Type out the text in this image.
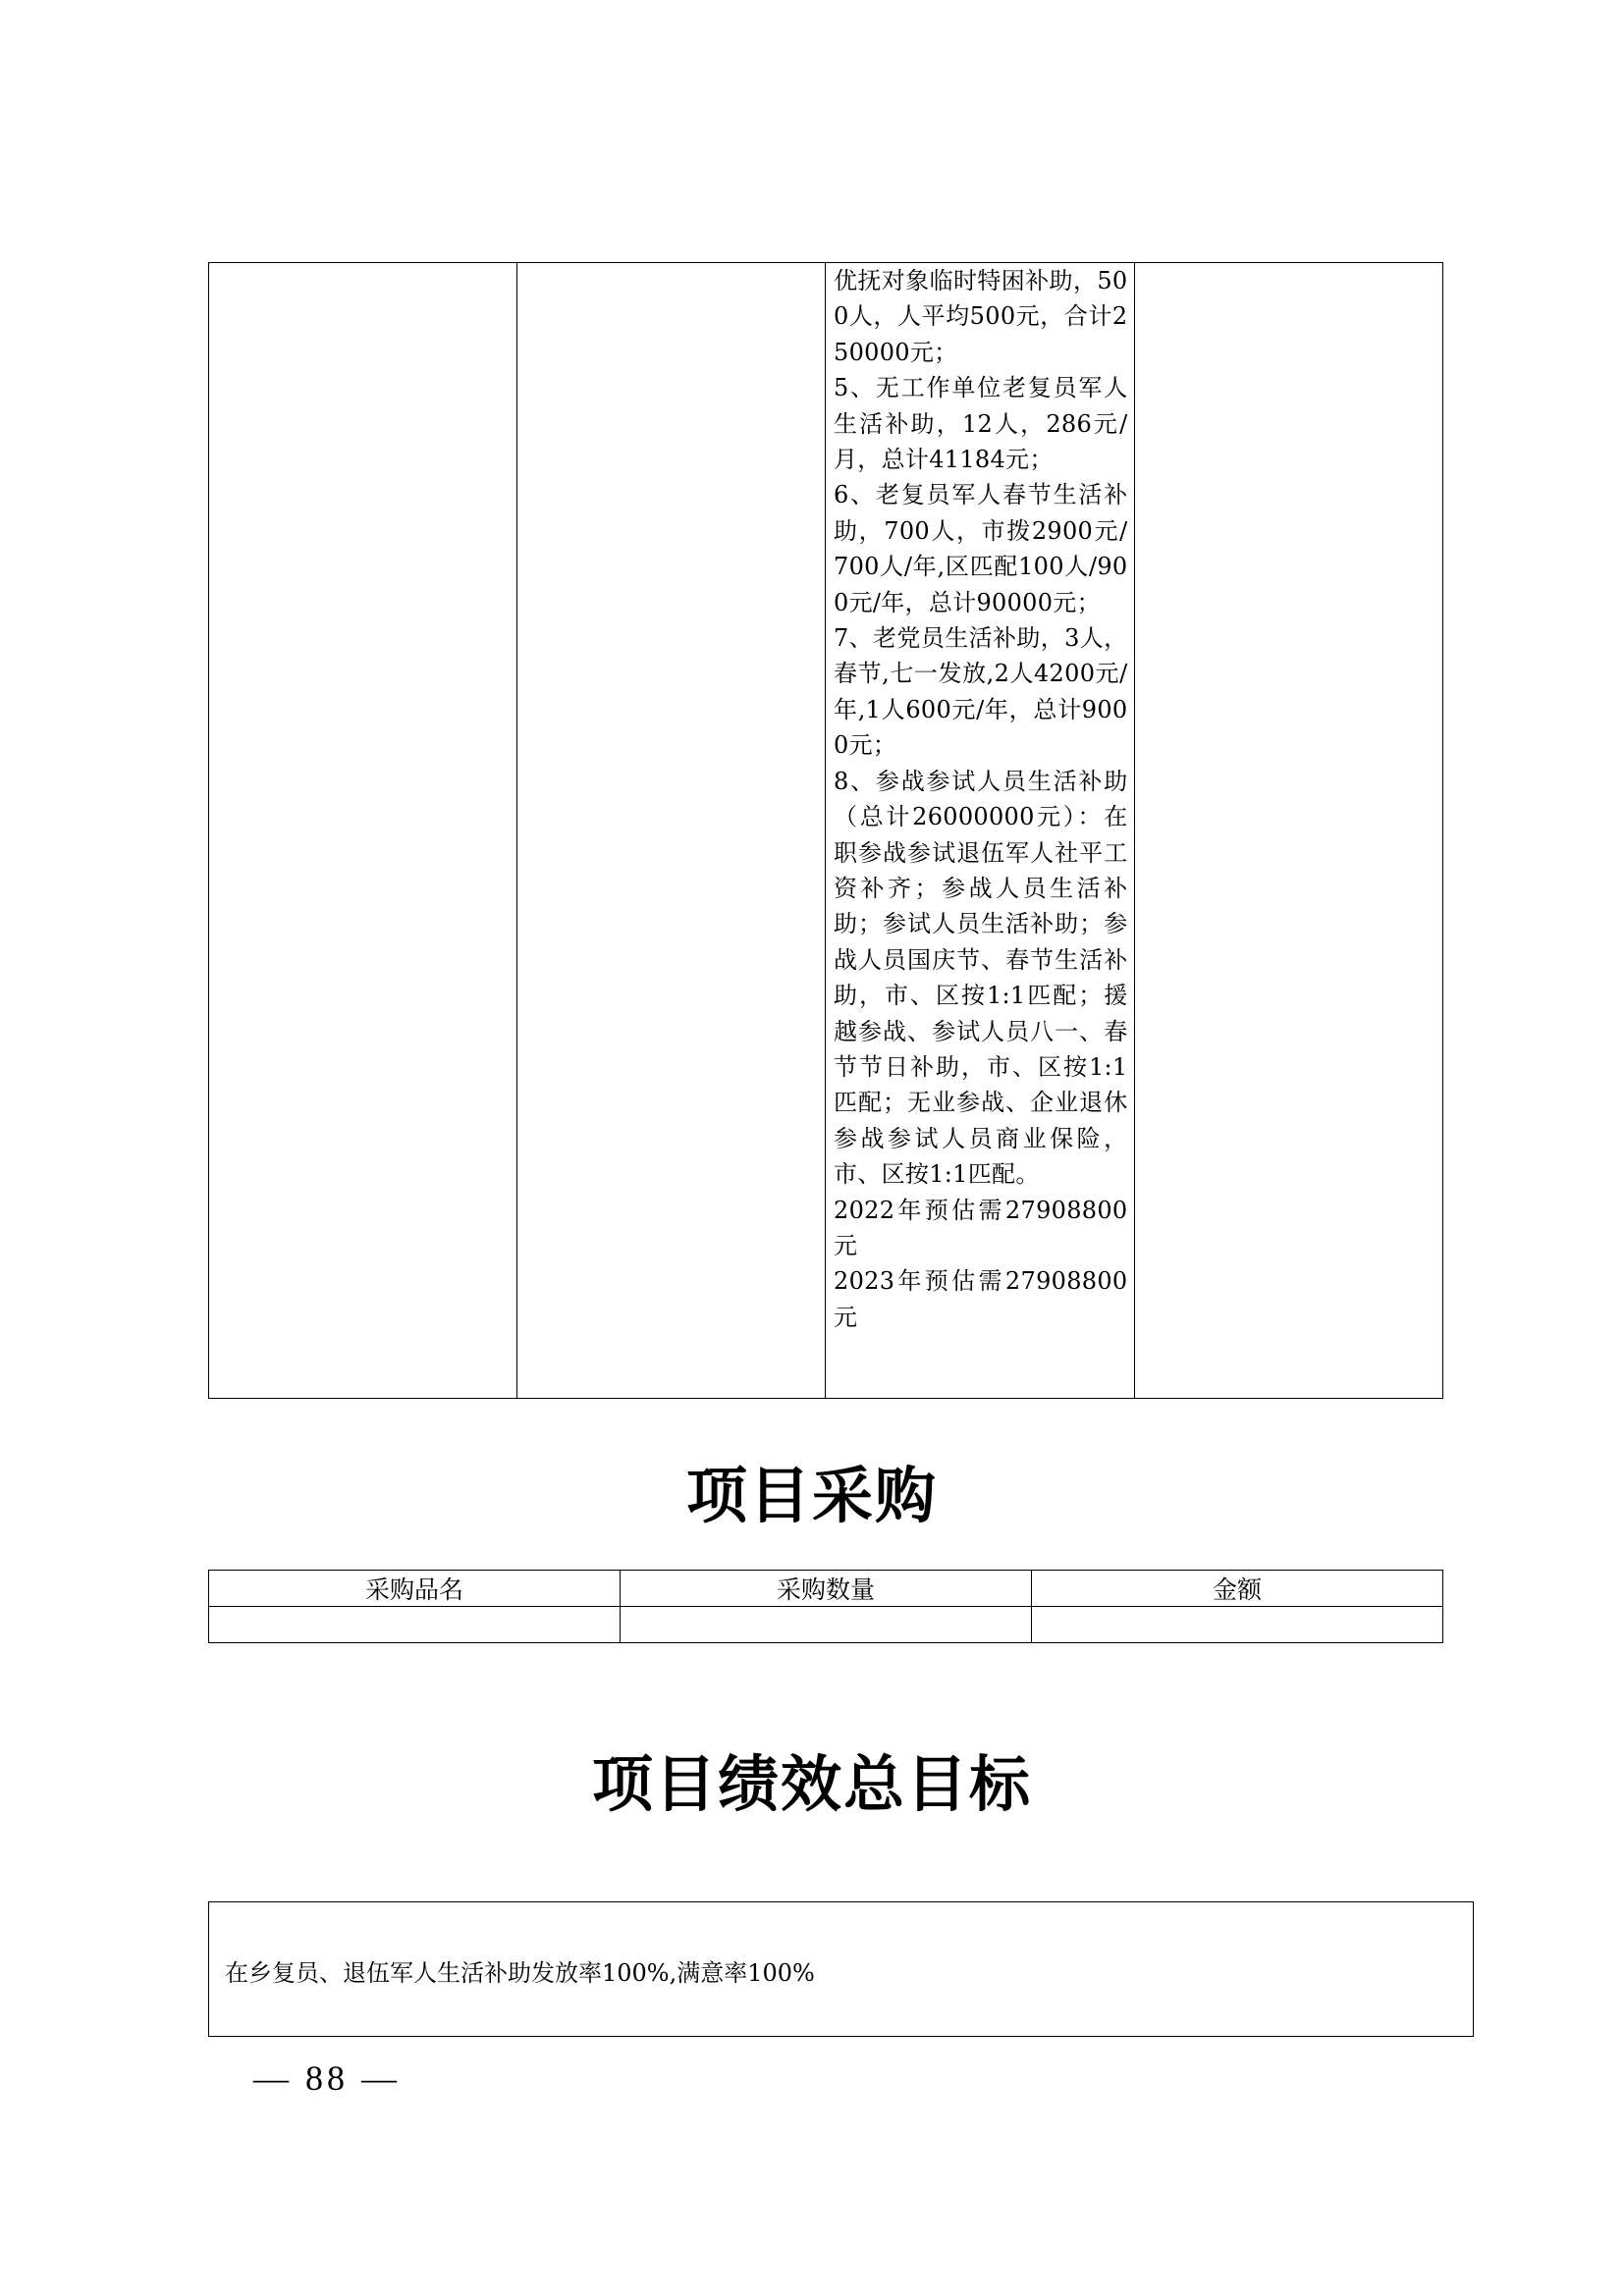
优抚对象临时特困补助，500人，人平均500元，合计250000元；
5、无工作单位老复员军人生活补助，12人，286元/月，总计41184元；
6、老复员军人春节生活补助，700人，市拨2900元/700人/年,区匹配100人/900元/年，总计90000元；
7、老党员生活补助，3人，春节,七一发放,2人4200元/年,1人600元/年，总计9000元；
8、参战参试人员生活补助（总计26000000元）：在职参战参试退伍军人社平工资补齐；参战人员生活补助；参试人员生活补助；参战人员国庆节、春节生活补助，市、区按1:1匹配；援越参战、参试人员八一、春节节日补助，市、区按1:1匹配；无业参战、企业退休参战参试人员商业保险，市、区按1:1匹配。
2022年预估需27908800元
2023年预估需27908800元
项目采购
采购品名	采购数量	金额

项目绩效总目标
在乡复员、退伍军人生活补助发放率100%,满意率100%
— 88 —
